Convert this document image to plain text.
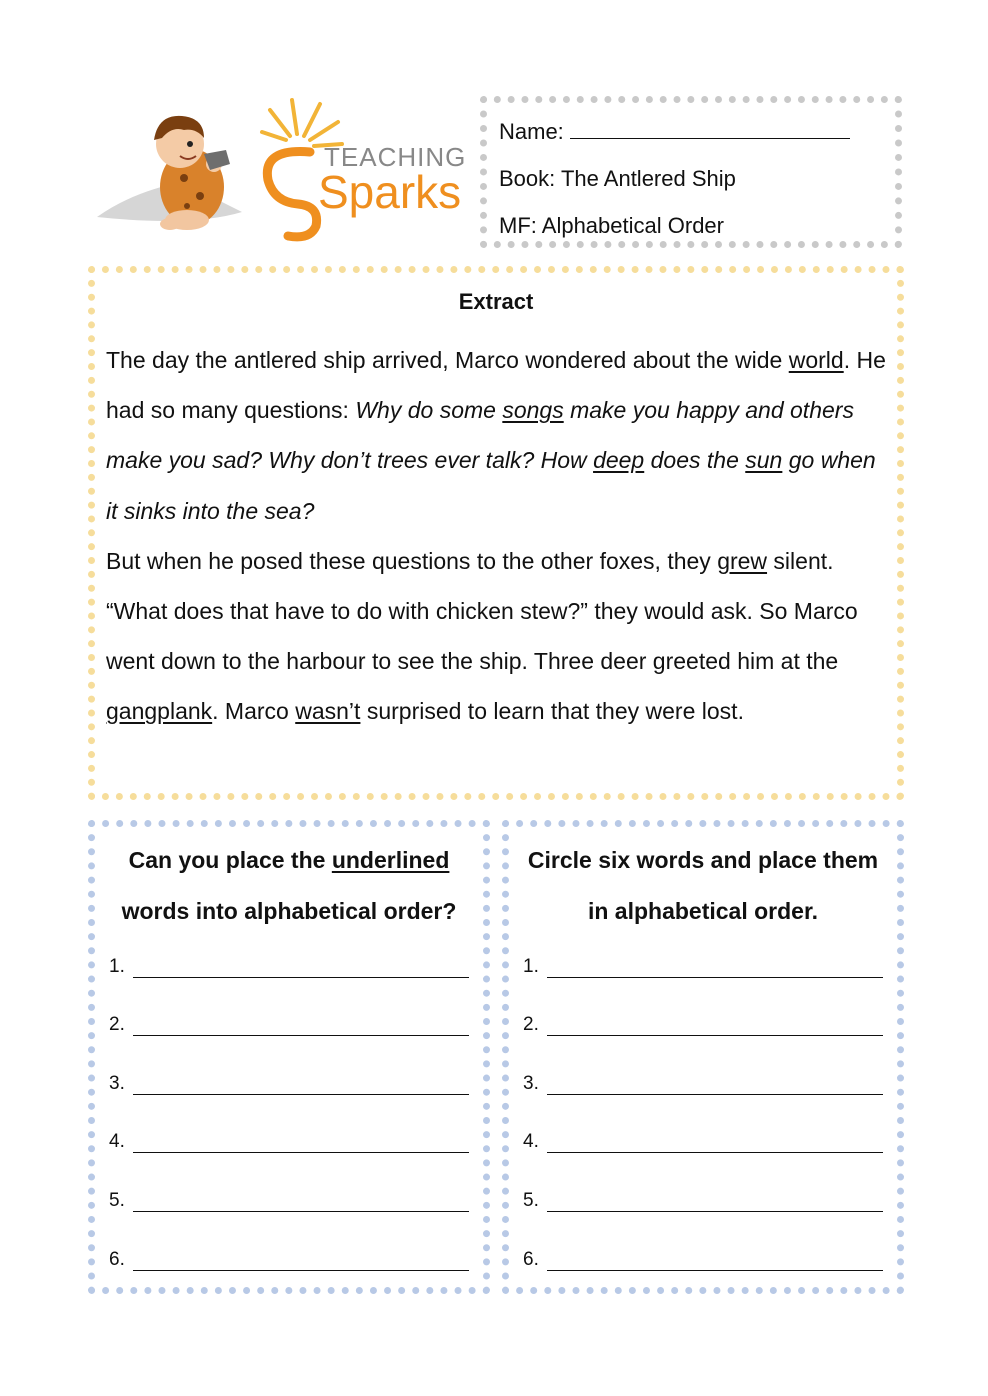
TEACHING
Sparks
Name:
Book: The Antlered Ship
MF: Alphabetical Order
Extract

The day the antlered ship arrived, Marco wondered about the wide world. He had so many questions: Why do some songs make you happy and others make you sad? Why don’t trees ever talk? How deep does the sun go when it sinks into the sea?

But when he posed these questions to the other foxes, they grew silent. “What does that have to do with chicken stew?” they would ask. So Marco went down to the harbour to see the ship. Three deer greeted him at the gangplank. Marco wasn’t surprised to learn that they were lost.

Can you place the underlined words into alphabetical order?
1.
2.
3.
4.
5.
6.
Circle six words and place them in alphabetical order.
1.
2.
3.
4.
5.
6.
